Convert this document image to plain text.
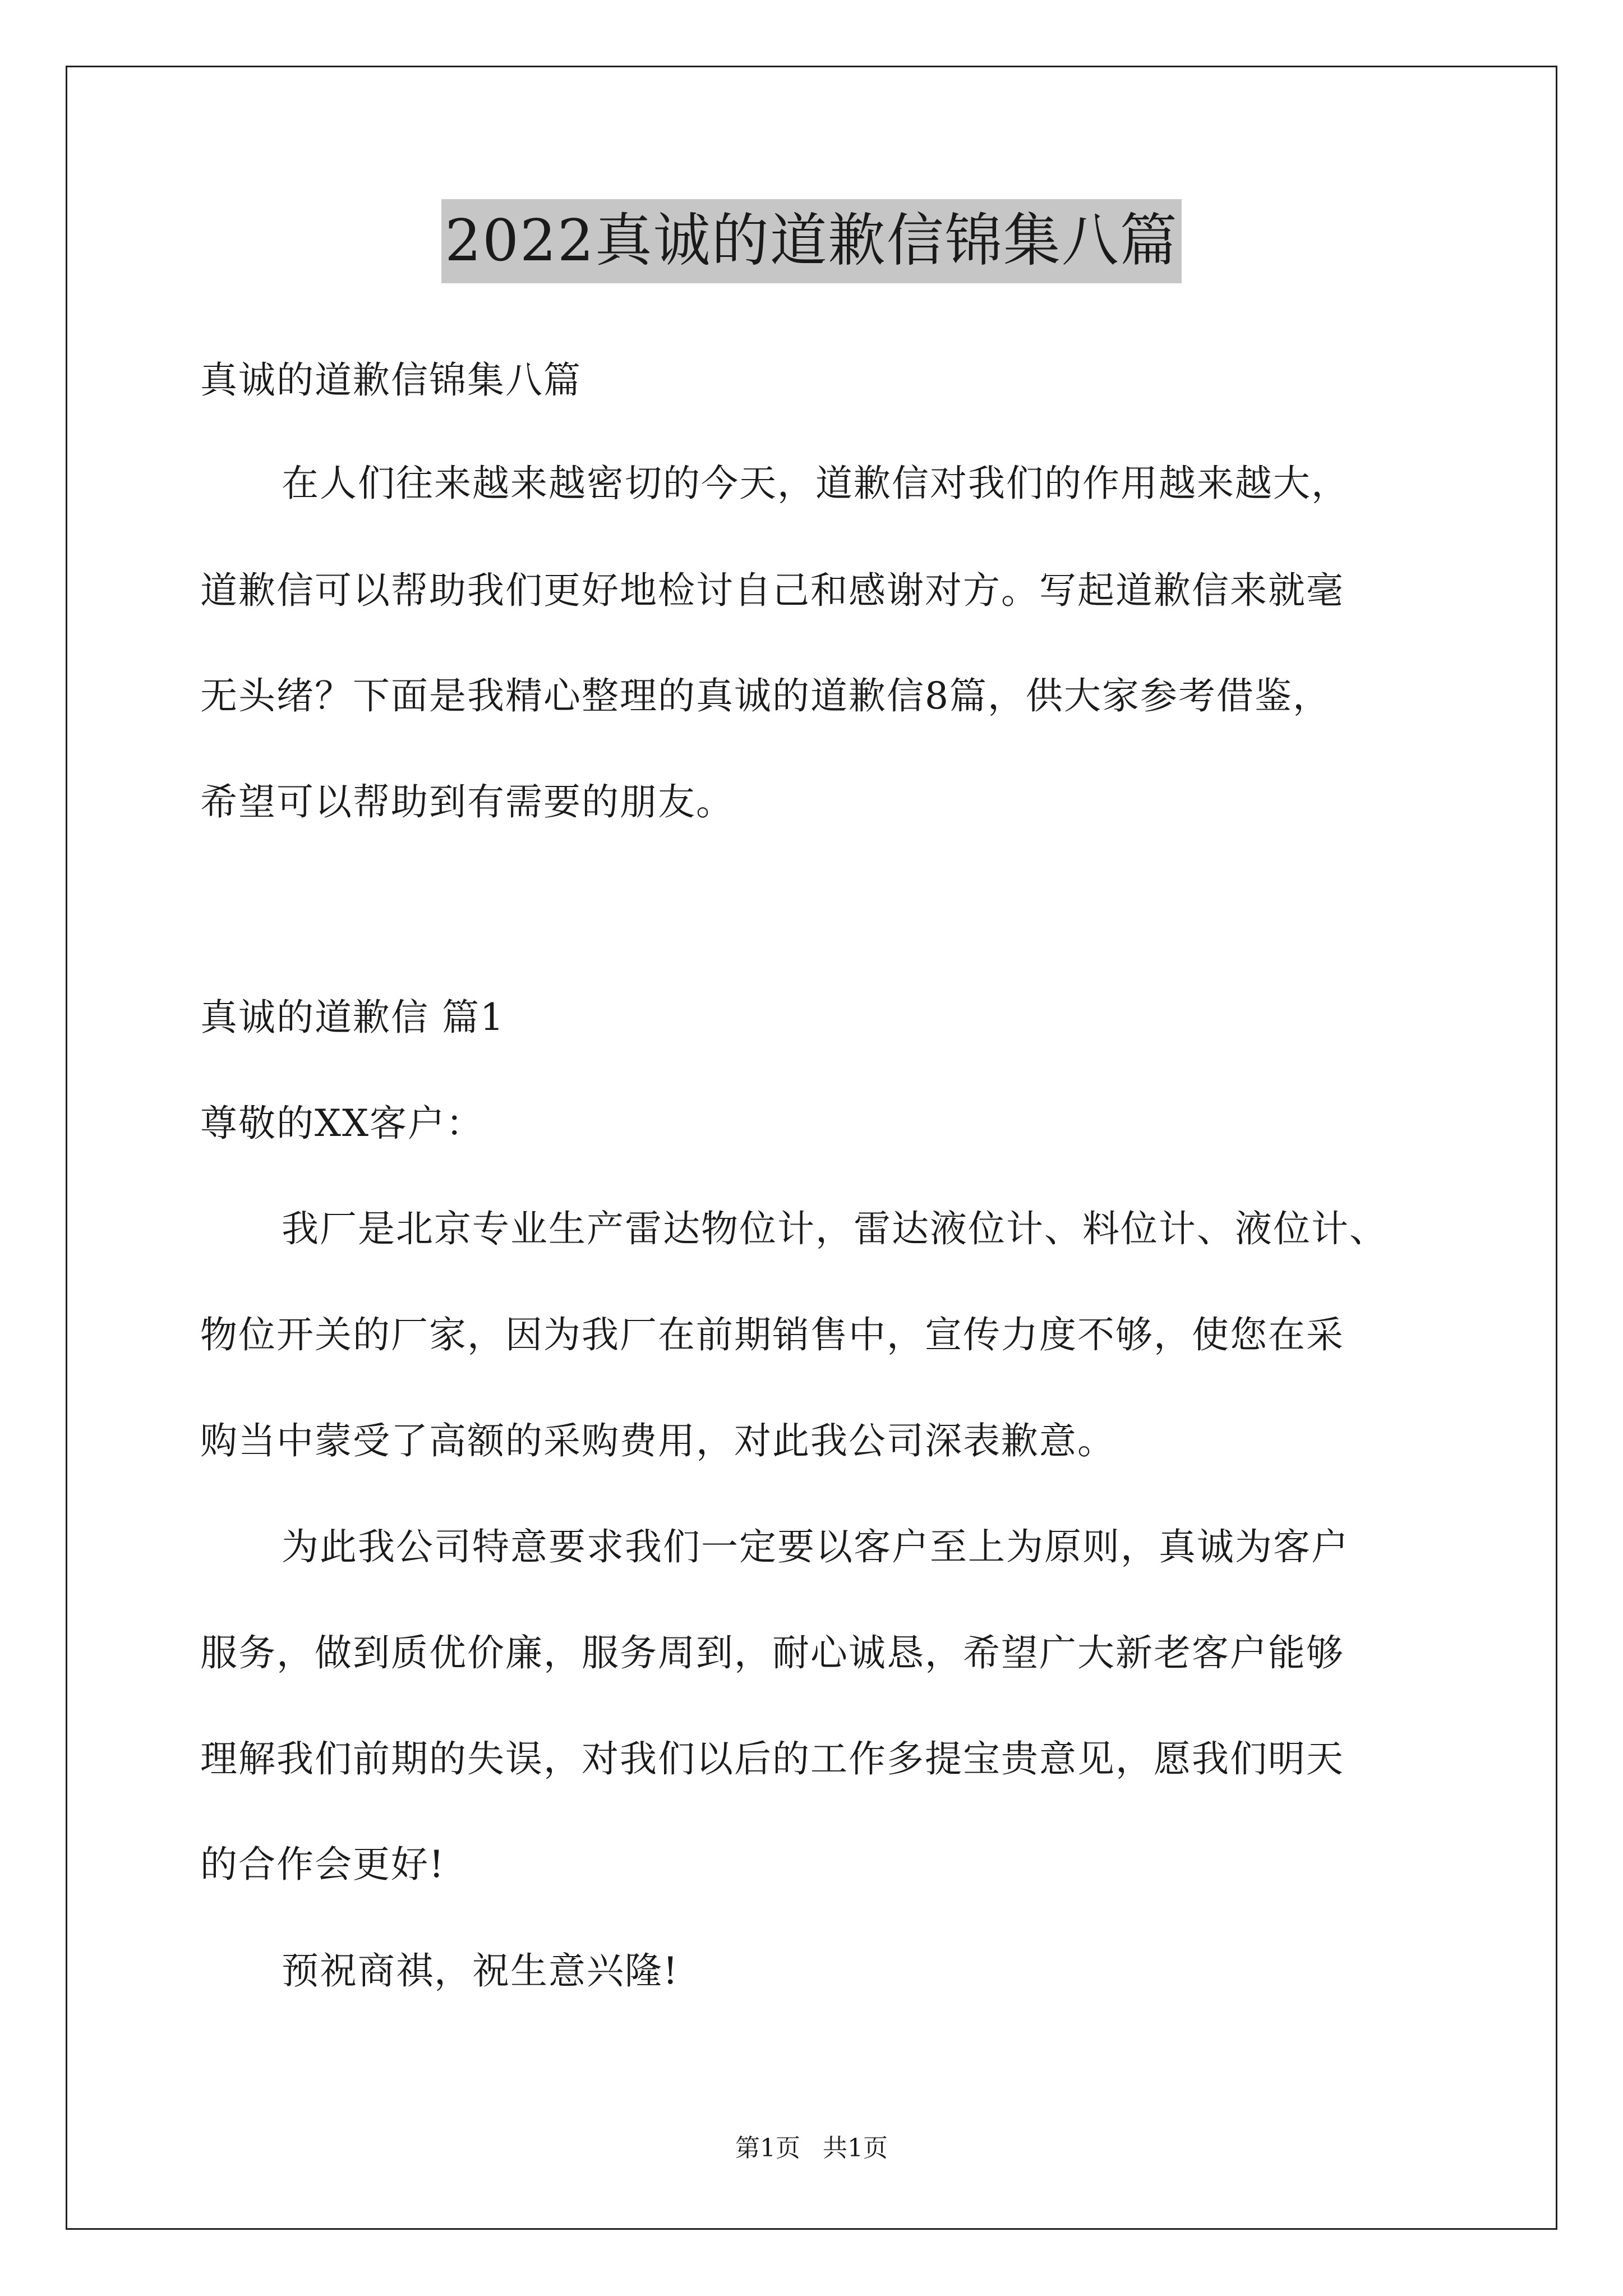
2022真诚的道歉信锦集八篇
真诚的道歉信锦集八篇
在人们往来越来越密切的今天，道歉信对我们的作用越来越大，
道歉信可以帮助我们更好地检讨自己和感谢对方。写起道歉信来就毫
无头绪？下面是我精心整理的真诚的道歉信8篇，供大家参考借鉴，
希望可以帮助到有需要的朋友。
真诚的道歉信 篇1
尊敬的XX客户：
我厂是北京专业生产雷达物位计，雷达液位计、料位计、液位计、
物位开关的厂家，因为我厂在前期销售中，宣传力度不够，使您在采
购当中蒙受了高额的采购费用，对此我公司深表歉意。
为此我公司特意要求我们一定要以客户至上为原则，真诚为客户
服务，做到质优价廉，服务周到，耐心诚恳，希望广大新老客户能够
理解我们前期的失误，对我们以后的工作多提宝贵意见，愿我们明天
的合作会更好!
预祝商祺，祝生意兴隆!
第1页 共1页
